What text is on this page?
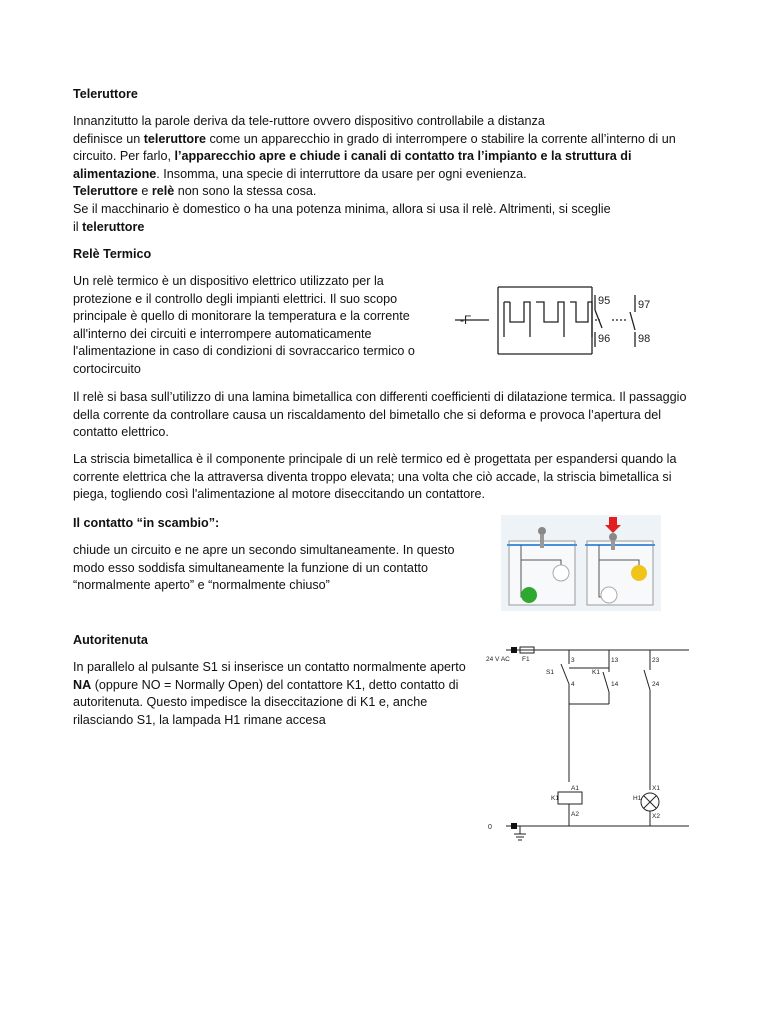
Teleruttore
Innanzitutto la parole deriva da tele-ruttore ovvero dispositivo controllabile a distanza
definisce un teleruttore come un apparecchio in grado di interrompere o stabilire la corrente all’interno di un circuito. Per farlo, l’apparecchio apre e chiude i canali di contatto tra l’impianto e la struttura di alimentazione. Insomma, una specie di interruttore da usare per ogni evenienza.
Teleruttore e relè non sono la stessa cosa.
Se il macchinario è domestico o ha una potenza minima, allora si usa il relè. Altrimenti, si sceglie
il teleruttore
Relè Termico
Un relè termico è un dispositivo elettrico utilizzato per la protezione e il controllo degli impianti elettrici. Il suo scopo principale è quello di monitorare la temperatura e la corrente all'interno dei circuiti e interrompere automaticamente l'alimentazione in caso di condizioni di sovraccarico termico o cortocircuito
-F
95
96
97
98
Il relè si basa sull’utilizzo di una lamina bimetallica con differenti coefficienti di dilatazione termica. Il passaggio della corrente da controllare causa un riscaldamento del bimetallo che si deforma e provoca l’apertura del contatto elettrico.
La striscia bimetallica è il componente principale di un relè termico ed è progettata per espandersi quando la corrente elettrica che la attraversa diventa troppo elevata; una volta che ciò accade, la striscia bimetallica si piega, togliendo così l'alimentazione al motore diseccitando un contattore.
Il contatto “in scambio”:
chiude un circuito e ne apre un secondo simultaneamente. In questo modo esso soddisfa simultaneamente la funzione di un contatto “normalmente aperto” e “normalmente chiuso”
Autoritenuta
In parallelo al pulsante S1 si inserisce un contatto normalmente aperto NA (oppure NO = Normally Open) del contattore K1, detto contatto di autoritenuta. Questo impedisce la diseccitazione di K1 e, anche rilasciando S1, la lampada H1 rimane accesa
24 V AC F1
0
S1	K1
K1	H1
3
4
13
14
23
24
A1
A2
X1
X2
